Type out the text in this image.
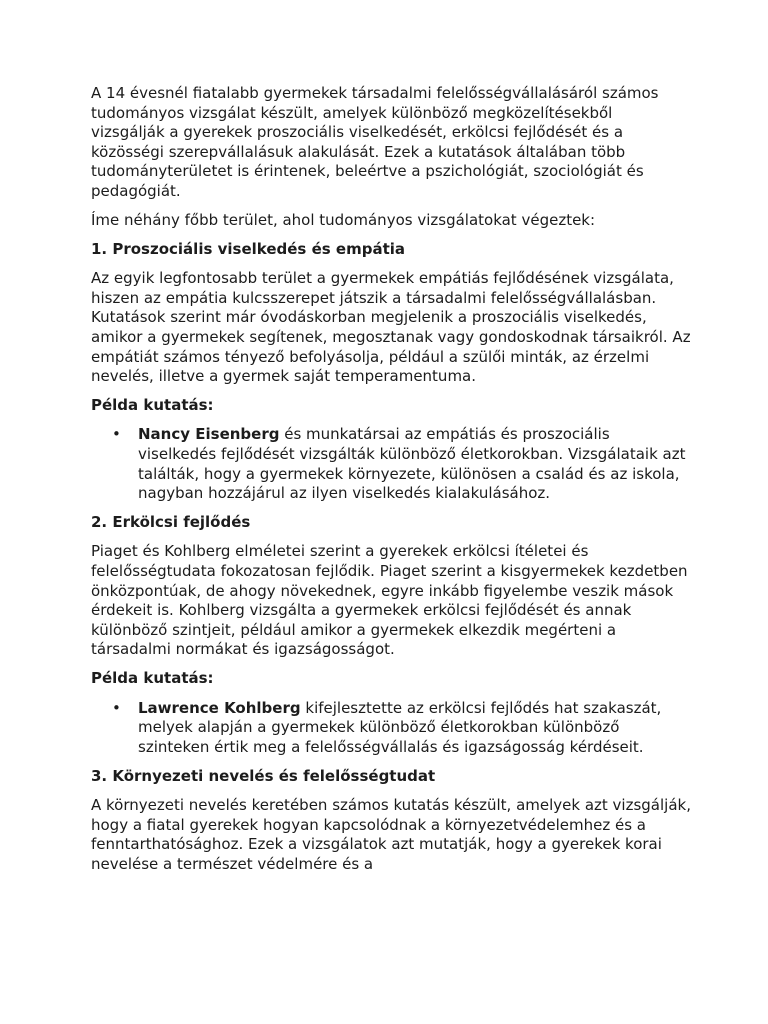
A 14 évesnél fiatalabb gyermekek társadalmi felelősségvállalásáról számos tudományos vizsgálat készült, amelyek különböző megközelítésekből vizsgálják a gyerekek proszociális viselkedését, erkölcsi fejlődését és a közösségi szerepvállalásuk alakulását. Ezek a kutatások általában több tudományterületet is érintenek, beleértve a pszichológiát, szociológiát és pedagógiát.

Íme néhány főbb terület, ahol tudományos vizsgálatokat végeztek:

1. Proszociális viselkedés és empátia

Az egyik legfontosabb terület a gyermekek empátiás fejlődésének vizsgálata, hiszen az empátia kulcsszerepet játszik a társadalmi felelősségvállalásban. Kutatások szerint már óvodáskorban megjelenik a proszociális viselkedés, amikor a gyermekek segítenek, megosztanak vagy gondoskodnak társaikról. Az empátiát számos tényező befolyásolja, például a szülői minták, az érzelmi nevelés, illetve a gyermek saját temperamentuma.

Példa kutatás:
• Nancy Eisenberg és munkatársai az empátiás és proszociális viselkedés fejlődését vizsgálták különböző életkorokban. Vizsgálataik azt találták, hogy a gyermekek környezete, különösen a család és az iskola, nagyban hozzájárul az ilyen viselkedés kialakulásához.
2. Erkölcsi fejlődés

Piaget és Kohlberg elméletei szerint a gyerekek erkölcsi ítéletei és felelősségtudata fokozatosan fejlődik. Piaget szerint a kisgyermekek kezdetben önközpontúak, de ahogy növekednek, egyre inkább figyelembe veszik mások érdekeit is. Kohlberg vizsgálta a gyermekek erkölcsi fejlődését és annak különböző szintjeit, például amikor a gyermekek elkezdik megérteni a társadalmi normákat és igazságosságot.

Példa kutatás:
• Lawrence Kohlberg kifejlesztette az erkölcsi fejlődés hat szakaszát, melyek alapján a gyermekek különböző életkorokban különböző szinteken értik meg a felelősségvállalás és igazságosság kérdéseit.
3. Környezeti nevelés és felelősségtudat

A környezeti nevelés keretében számos kutatás készült, amelyek azt vizsgálják, hogy a fiatal gyerekek hogyan kapcsolódnak a környezetvédelemhez és a fenntarthatósághoz. Ezek a vizsgálatok azt mutatják, hogy a gyerekek korai nevelése a természet védelmére és a
